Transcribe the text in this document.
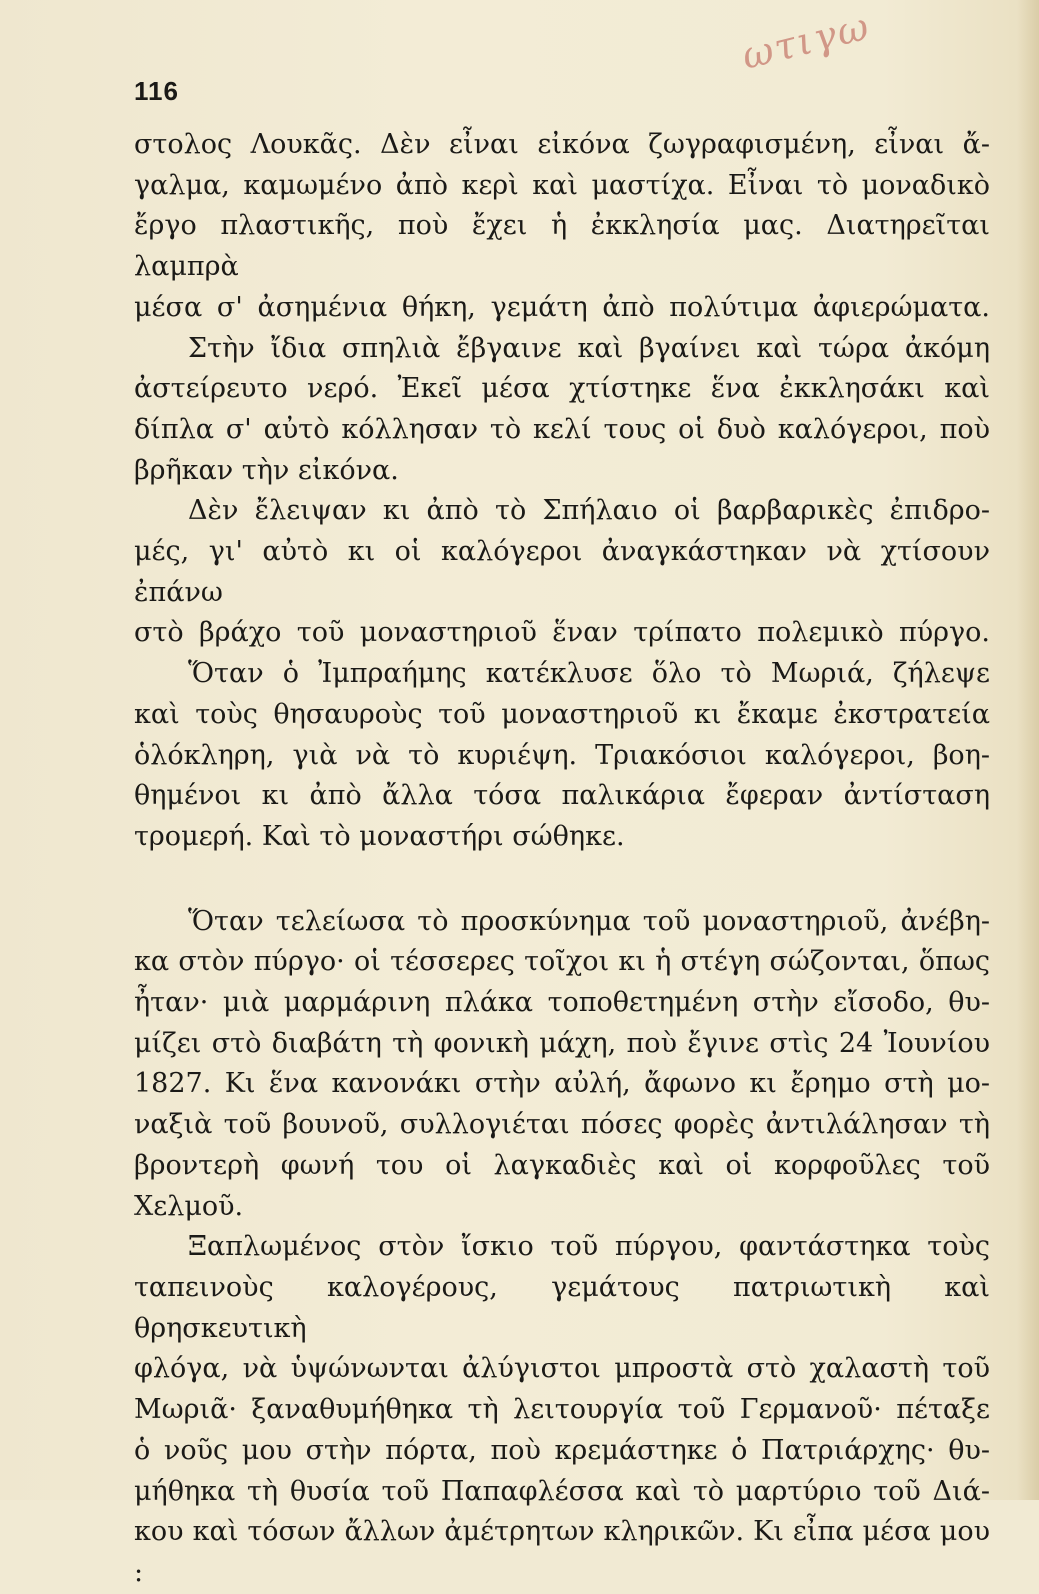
116
ωτιγω

στολος Λουκᾶς. Δὲν εἶναι εἰκόνα ζωγραφισμένη, εἶναι ἄ-
γαλμα, καμωμένο ἀπὸ κερὶ καὶ μαστίχα. Εἶναι τὸ μοναδικὸ
ἔργο πλαστικῆς, ποὺ ἔχει ἡ ἐκκλησία μας. Διατηρεῖται λαμπρὰ
μέσα σ' ἀσημένια θήκη, γεμάτη ἀπὸ πολύτιμα ἀφιερώματα.

Στὴν ἴδια σπηλιὰ ἔβγαινε καὶ βγαίνει καὶ τώρα ἀκόμη
ἀστείρευτο νερό. Ἐκεῖ μέσα χτίστηκε ἕνα ἐκκλησάκι καὶ
δίπλα σ' αὐτὸ κόλλησαν τὸ κελί τους οἱ δυὸ καλόγεροι, ποὺ
βρῆκαν τὴν εἰκόνα.

Δὲν ἔλειψαν κι ἀπὸ τὸ Σπήλαιο οἱ βαρβαρικὲς ἐπιδρο-
μές, γι' αὐτὸ κι οἱ καλόγεροι ἀναγκάστηκαν νὰ χτίσουν ἐπάνω
στὸ βράχο τοῦ μοναστηριοῦ ἕναν τρίπατο πολεμικὸ πύργο.

Ὅταν ὁ Ἰμπραήμης κατέκλυσε ὅλο τὸ Μωριά, ζήλεψε
καὶ τοὺς θησαυροὺς τοῦ μοναστηριοῦ κι ἔκαμε ἐκστρατεία
ὁλόκληρη, γιὰ νὰ τὸ κυριέψη. Τριακόσιοι καλόγεροι, βοη-
θημένοι κι ἀπὸ ἄλλα τόσα παλικάρια ἔφεραν ἀντίσταση
τρομερή. Καὶ τὸ μοναστήρι σώθηκε.

Ὅταν τελείωσα τὸ προσκύνημα τοῦ μοναστηριοῦ, ἀνέβη-
κα στὸν πύργο· οἱ τέσσερες τοῖχοι κι ἡ στέγη σώζονται, ὅπως
ἦταν· μιὰ μαρμάρινη πλάκα τοποθετημένη στὴν εἴσοδο, θυ-
μίζει στὸ διαβάτη τὴ φονικὴ μάχη, ποὺ ἔγινε στὶς 24 Ἰουνίου
1827. Κι ἕνα κανονάκι στὴν αὐλή, ἄφωνο κι ἔρημο στὴ μο-
ναξιὰ τοῦ βουνοῦ, συλλογιέται πόσες φορὲς ἀντιλάλησαν τὴ
βροντερὴ φωνή του οἱ λαγκαδιὲς καὶ οἱ κορφοῦλες τοῦ Χελμοῦ.

Ξαπλωμένος στὸν ἴσκιο τοῦ πύργου, φαντάστηκα τοὺς
ταπεινοὺς καλογέρους, γεμάτους πατριωτικὴ καὶ θρησκευτικὴ
φλόγα, νὰ ὑψώνωνται ἀλύγιστοι μπροστὰ στὸ χαλαστὴ τοῦ
Μωριᾶ· ξαναθυμήθηκα τὴ λειτουργία τοῦ Γερμανοῦ· πέταξε
ὁ νοῦς μου στὴν πόρτα, ποὺ κρεμάστηκε ὁ Πατριάρχης· θυ-
μήθηκα τὴ θυσία τοῦ Παπαφλέσσα καὶ τὸ μαρτύριο τοῦ Διά-
κου καὶ τόσων ἄλλων ἀμέτρητων κληρικῶν. Κι εἶπα μέσα μου :
